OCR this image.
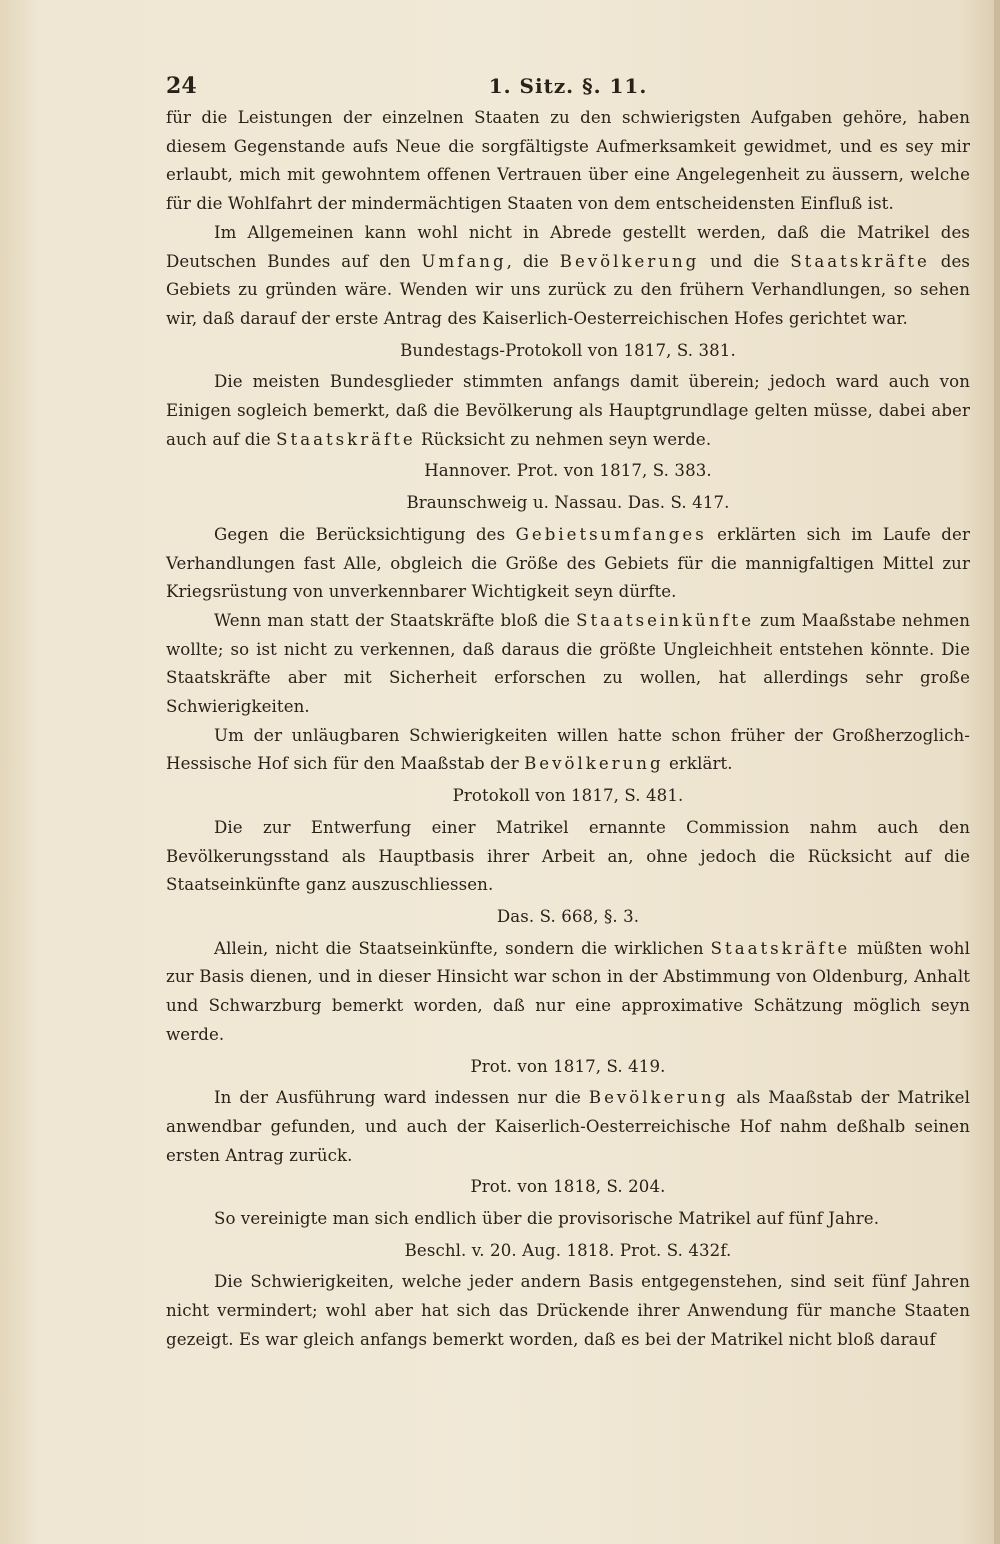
24	1. Sitz. §. 11.

für die Leistungen der einzelnen Staaten zu den schwierigsten Aufgaben gehöre, haben diesem Gegenstande aufs Neue die sorgfältigste Aufmerksamkeit gewidmet, und es sey mir erlaubt, mich mit gewohntem offenen Vertrauen über eine Angelegenheit zu äussern, welche für die Wohlfahrt der mindermächtigen Staaten von dem entscheidensten Einfluß ist.

Im Allgemeinen kann wohl nicht in Abrede gestellt werden, daß die Matrikel des Deutschen Bundes auf den Umfang, die Bevölkerung und die Staatskräfte des Gebiets zu gründen wäre. Wenden wir uns zurück zu den frühern Verhandlungen, so sehen wir, daß darauf der erste Antrag des Kaiserlich-Oesterreichischen Hofes gerichtet war.

Bundestags-Protokoll von 1817, S. 381.

Die meisten Bundesglieder stimmten anfangs damit überein; jedoch ward auch von Einigen sogleich bemerkt, daß die Bevölkerung als Hauptgrundlage gelten müsse, dabei aber auch auf die Staatskräfte Rücksicht zu nehmen seyn werde.

Hannover. Prot. von 1817, S. 383.

Braunschweig u. Nassau. Das. S. 417.

Gegen die Berücksichtigung des Gebietsumfanges erklärten sich im Laufe der Verhandlungen fast Alle, obgleich die Größe des Gebiets für die mannigfaltigen Mittel zur Kriegsrüstung von unverkennbarer Wichtigkeit seyn dürfte.

Wenn man statt der Staatskräfte bloß die Staatseinkünfte zum Maaßstabe nehmen wollte; so ist nicht zu verkennen, daß daraus die größte Ungleichheit entstehen könnte. Die Staatskräfte aber mit Sicherheit erforschen zu wollen, hat allerdings sehr große Schwierigkeiten.

Um der unläugbaren Schwierigkeiten willen hatte schon früher der Großherzoglich-Hessische Hof sich für den Maaßstab der Bevölkerung erklärt.

Protokoll von 1817, S. 481.

Die zur Entwerfung einer Matrikel ernannte Commission nahm auch den Bevölkerungsstand als Hauptbasis ihrer Arbeit an, ohne jedoch die Rücksicht auf die Staatseinkünfte ganz auszuschliessen.

Das. S. 668, §. 3.

Allein, nicht die Staatseinkünfte, sondern die wirklichen Staatskräfte müßten wohl zur Basis dienen, und in dieser Hinsicht war schon in der Abstimmung von Oldenburg, Anhalt und Schwarzburg bemerkt worden, daß nur eine approximative Schätzung möglich seyn werde.

Prot. von 1817, S. 419.

In der Ausführung ward indessen nur die Bevölkerung als Maaßstab der Matrikel anwendbar gefunden, und auch der Kaiserlich-Oesterreichische Hof nahm deßhalb seinen ersten Antrag zurück.

Prot. von 1818, S. 204.

So vereinigte man sich endlich über die provisorische Matrikel auf fünf Jahre.

Beschl. v. 20. Aug. 1818. Prot. S. 432f.

Die Schwierigkeiten, welche jeder andern Basis entgegenstehen, sind seit fünf Jahren nicht vermindert; wohl aber hat sich das Drückende ihrer Anwendung für manche Staaten gezeigt. Es war gleich anfangs bemerkt worden, daß es bei der Matrikel nicht bloß darauf
